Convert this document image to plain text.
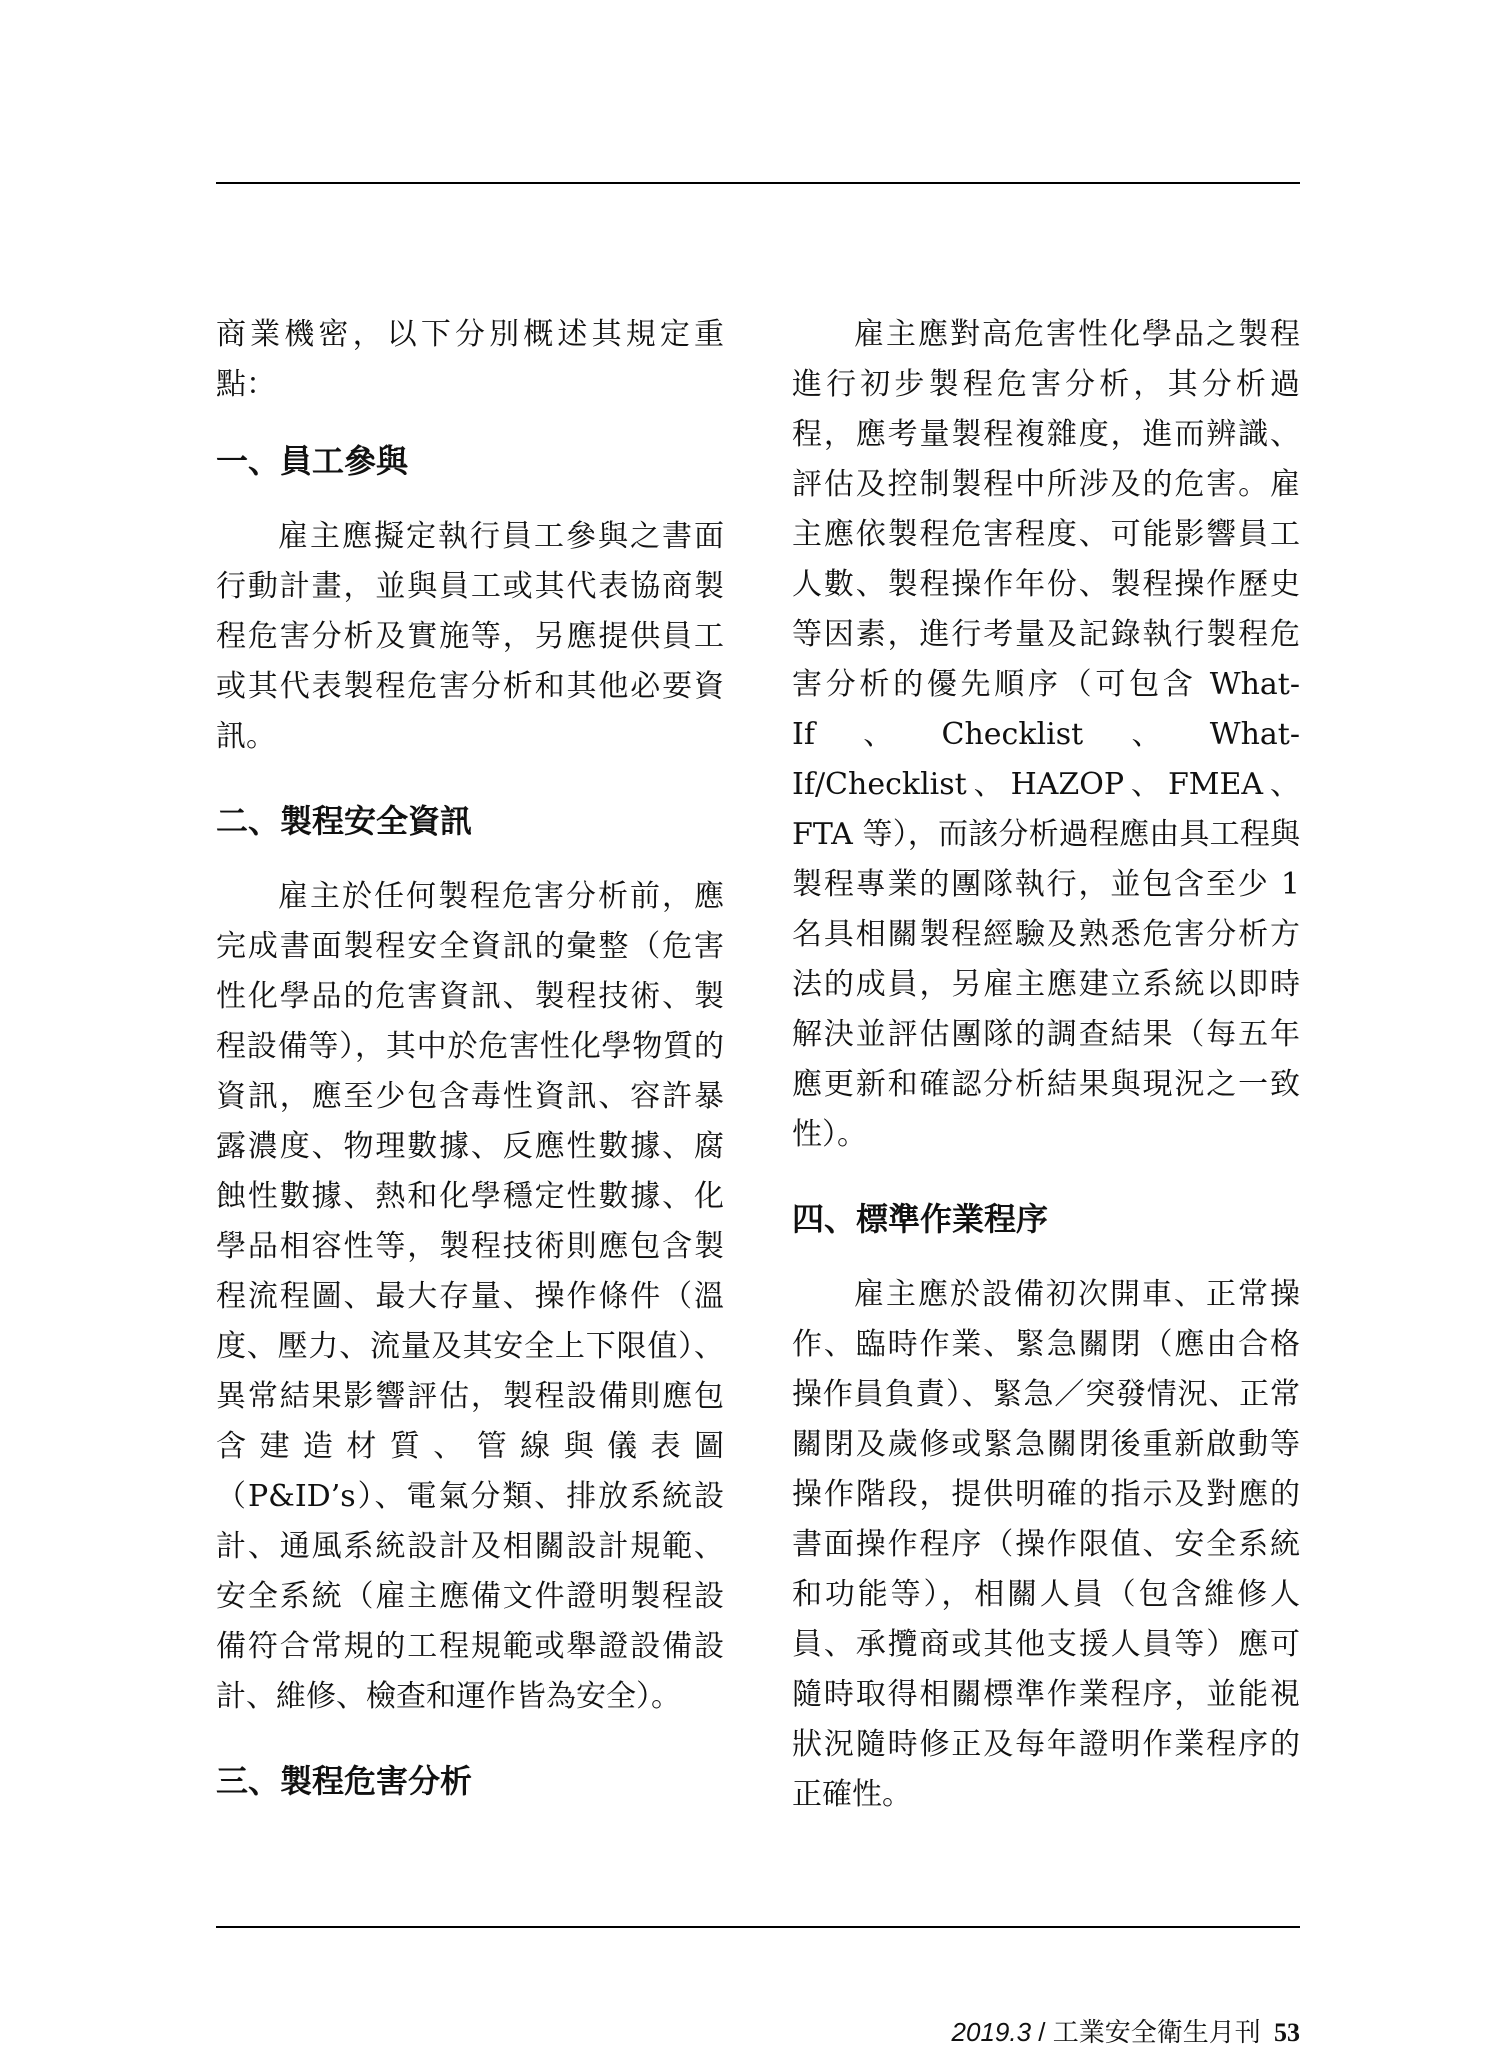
商業機密，以下分別概述其規定重點：

一、員工參與

雇主應擬定執行員工參與之書面行動計畫，並與員工或其代表協商製程危害分析及實施等，另應提供員工或其代表製程危害分析和其他必要資訊。

二、製程安全資訊

雇主於任何製程危害分析前，應完成書面製程安全資訊的彙整（危害性化學品的危害資訊、製程技術、製程設備等），其中於危害性化學物質的資訊，應至少包含毒性資訊、容許暴露濃度、物理數據、反應性數據、腐蝕性數據、熱和化學穩定性數據、化學品相容性等，製程技術則應包含製程流程圖、最大存量、操作條件（溫度、壓力、流量及其安全上下限值）、異常結果影響評估，製程設備則應包含建造材質、管線與儀表圖（P&ID’s）、電氣分類、排放系統設計、通風系統設計及相關設計規範、安全系統（雇主應備文件證明製程設備符合常規的工程規範或舉證設備設計、維修、檢查和運作皆為安全）。

三、製程危害分析

雇主應對高危害性化學品之製程進行初步製程危害分析，其分析過程，應考量製程複雜度，進而辨識、評估及控制製程中所涉及的危害。雇主應依製程危害程度、可能影響員工人數、製程操作年份、製程操作歷史等因素，進行考量及記錄執行製程危害分析的優先順序（可包含 What-If、Checklist、What-If/Checklist、HAZOP、FMEA、FTA 等），而該分析過程應由具工程與製程專業的團隊執行，並包含至少 1 名具相關製程經驗及熟悉危害分析方法的成員，另雇主應建立系統以即時解決並評估團隊的調查結果（每五年應更新和確認分析結果與現況之一致性）。

四、標準作業程序

雇主應於設備初次開車、正常操作、臨時作業、緊急關閉（應由合格操作員負責）、緊急／突發情況、正常關閉及歲修或緊急關閉後重新啟動等操作階段，提供明確的指示及對應的書面操作程序（操作限值、安全系統和功能等），相關人員（包含維修人員、承攬商或其他支援人員等）應可隨時取得相關標準作業程序，並能視狀況隨時修正及每年證明作業程序的正確性。

2019.3 / 工業安全衛生月刊 53
